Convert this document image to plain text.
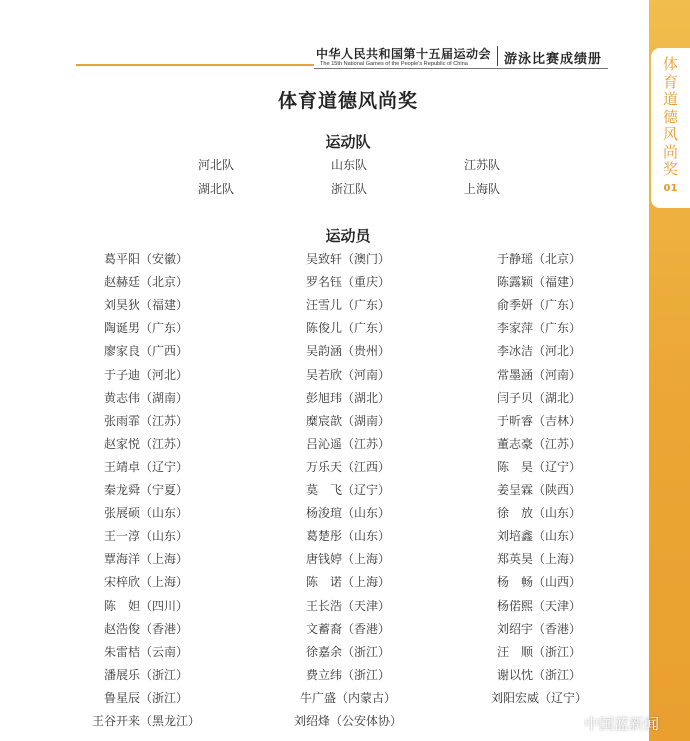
中华人民共和国第十五届运动会
The 15th National Games of the People's Republic of China	游泳比赛成绩册	体
育
道
德
风
尚
奖
01
体育道德风尚奖
运动队
河北队	山东队	江苏队
湖北队	浙江队	上海队
运动员
葛平阳（安徽）	吴致轩（澳门）	于静瑶（北京）
赵赫廷（北京）	罗名钰（重庆）	陈露颖（福建）
刘昊狄（福建）	汪雪儿（广东）	俞季妍（广东）
陶诞男（广东）	陈俊儿（广东）	李家萍（广东）
廖家良（广西）	吴韵涵（贵州）	李冰洁（河北）
于子迪（河北）	吴若欣（河南）	常墨涵（河南）
黄志伟（湖南）	彭旭玮（湖北）	闫子贝（湖北）
张雨霏（江苏）	糜宸歆（湖南）	于昕睿（吉林）
赵家悦（江苏）	吕沁遥（江苏）	董志豪（江苏）
王靖卓（辽宁）	万乐天（江西）	陈　昊（辽宁）
秦龙舜（宁夏）	莫　飞（辽宁）	姜呈霖（陕西）
张展硕（山东）	杨浚瑄（山东）	徐　放（山东）
王一淳（山东）	葛楚彤（山东）	刘培鑫（山东）
覃海洋（上海）	唐钱婷（上海）	郑英昊（上海）
宋梓欣（上海）	陈　诺（上海）	杨　畅（山西）
陈　妲（四川）	王长浩（天津）	杨偌熙（天津）
赵浩俊（香港）	文蓄裔（香港）	刘绍宇（香港）
朱雷桔（云南）	徐嘉余（浙江）	汪　顺（浙江）
潘展乐（浙江）	费立纬（浙江）	谢以忱（浙江）
鲁星辰（浙江）	牛广盛（内蒙古）	刘阳宏威（辽宁）
王谷开来（黑龙江）	刘绍烽（公安体协）	中国蓝新闻
